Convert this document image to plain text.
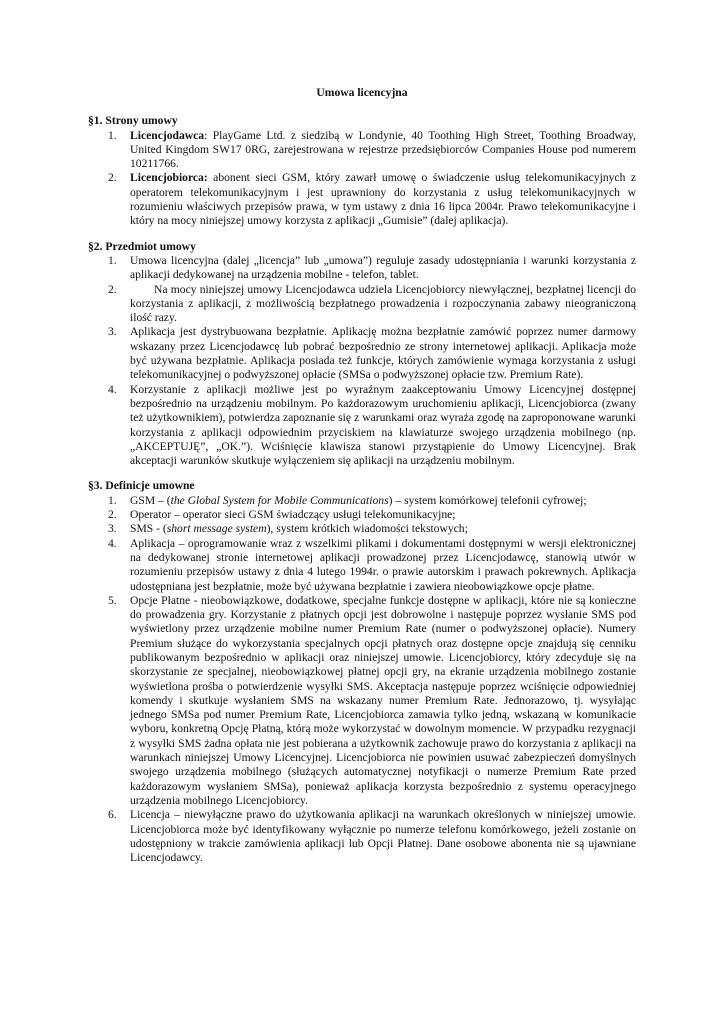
Umowa licencyjna

§1. Strony umowy

1. Licencjodawca: PlayGame Ltd. z siedzibą w Londynie, 40 Toothing High Street, Toothing Broadway, United Kingdom SW17 0RG, zarejestrowana w rejestrze przedsiębiorców Companies House pod numerem 10211766.
2. Licencjobiorca: abonent sieci GSM, który zawarł umowę o świadczenie usług telekomunikacyjnych z operatorem telekomunikacyjnym i jest uprawniony do korzystania z usług telekomunikacyjnych w rozumieniu właściwych przepisów prawa, w tym ustawy z dnia 16 lipca 2004r. Prawo telekomunikacyjne i który na mocy niniejszej umowy korzysta z aplikacji „Gumisie” (dalej aplikacja).

§2. Przedmiot umowy

1. Umowa licencyjna (dalej „licencja” lub „umowa”) reguluje zasady udostępniania i warunki korzystania z aplikacji dedykowanej na urządzenia mobilne - telefon, tablet.
2.	Na mocy niniejszej umowy Licencjodawca udziela Licencjobiorcy niewyłącznej, bezpłatnej licencji do korzystania z aplikacji, z możliwością bezpłatnego prowadzenia i rozpoczynania zabawy nieograniczoną ilość razy.
3. Aplikacja jest dystrybuowana bezpłatnie. Aplikację można bezpłatnie zamówić poprzez numer darmowy wskazany przez Licencjodawcę lub pobrać bezpośrednio ze strony internetowej aplikacji. Aplikacja może być używana bezpłatnie. Aplikacja posiada też funkcje, których zamówienie wymaga korzystania z usługi telekomunikacyjnej o podwyższonej opłacie (SMSa o podwyższonej opłacie tzw. Premium Rate).
4. Korzystanie z aplikacji możliwe jest po wyraźnym zaakceptowaniu Umowy Licencyjnej dostępnej bezpośrednio na urządzeniu mobilnym. Po każdorazowym uruchomieniu aplikacji, Licencjobiorca (zwany też użytkownikiem), potwierdza zapoznanie się z warunkami oraz wyraża zgodę na zaproponowane warunki korzystania z aplikacji odpowiednim przyciskiem na klawiaturze swojego urządzenia mobilnego (np. „AKCEPTUJĘ”, „OK.”). Wciśnięcie klawisza stanowi przystąpienie do Umowy Licencyjnej. Brak akceptacji warunków skutkuje wyłączeniem się aplikacji na urządzeniu mobilnym.

§3. Definicje umowne

1. GSM – (the Global System for Mobile Communications) – system komórkowej telefonii cyfrowej;
2. Operator – operator sieci GSM świadczący usługi telekomunikacyjne;
3. SMS - (short message system), system krótkich wiadomości tekstowych;
4. Aplikacja – oprogramowanie wraz z wszelkimi plikami i dokumentami dostępnymi w wersji elektronicznej na dedykowanej stronie internetowej aplikacji prowadzonej przez Licencjodawcę, stanowią utwór w rozumieniu przepisów ustawy z dnia 4 lutego 1994r. o prawie autorskim i prawach pokrewnych. Aplikacja udostępniana jest bezpłatnie, może być używana bezpłatnie i zawiera nieobowiązkowe opcje płatne.
5. Opcje Płatne - nieobowiązkowe, dodatkowe, specjalne funkcje dostępne w aplikacji, które nie są konieczne do prowadzenia gry. Korzystanie z płatnych opcji jest dobrowolne i następuje poprzez wysłanie SMS pod wyświetlony przez urządzenie mobilne numer Premium Rate (numer o podwyższonej opłacie). Numery Premium służące do wykorzystania specjalnych opcji płatnych oraz dostępne opcje znajdują się cenniku publikowanym bezpośrednio w aplikacji oraz niniejszej umowie. Licencjobiorcy, który zdecyduje się na skorzystanie ze specjalnej, nieobowiązkowej płatnej opcji gry, na ekranie urządzenia mobilnego zostanie wyświetlona prośba o potwierdzenie wysyłki SMS. Akceptacja następuje poprzez wciśnięcie odpowiedniej komendy i skutkuje wysłaniem SMS na wskazany numer Premium Rate. Jednorazowo, tj. wysyłając jednego SMSa pod numer Premium Rate, Licencjobiorca zamawia tylko jedną, wskazaną w komunikacie wyboru, konkretną Opcję Płatną, którą może wykorzystać w dowolnym momencie. W przypadku rezygnacji z wysyłki SMS żadna opłata nie jest pobierana a użytkownik zachowuje prawo do korzystania z aplikacji na warunkach niniejszej Umowy Licencyjnej. Licencjobiorca nie powinien usuwać zabezpieczeń domyślnych swojego urządzenia mobilnego (służących automatycznej notyfikacji o numerze Premium Rate przed każdorazowym wysłaniem SMSa), ponieważ aplikacja korzysta bezpośrednio z systemu operacyjnego urządzenia mobilnego Licencjobiorcy.
6. Licencja – niewyłączne prawo do użytkowania aplikacji na warunkach określonych w niniejszej umowie. Licencjobiorca może być identyfikowany wyłącznie po numerze telefonu komórkowego, jeżeli zostanie on udostępniony w trakcie zamówienia aplikacji lub Opcji Płatnej. Dane osobowe abonenta nie są ujawniane Licencjodawcy.
